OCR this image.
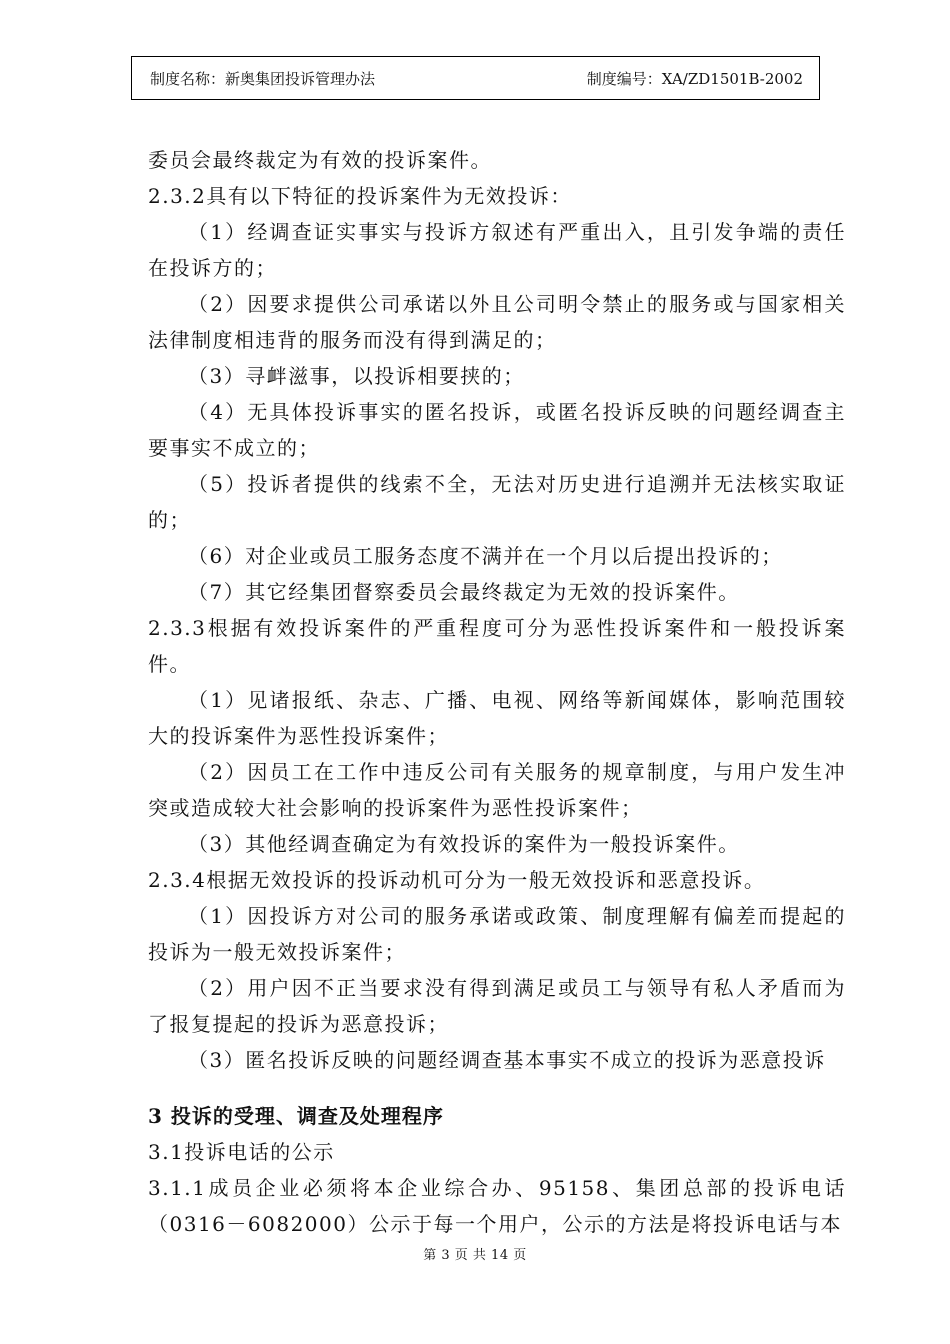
制度名称：新奥集团投诉管理办法	制度编号：XA/ZD1501B-2002

委员会最终裁定为有效的投诉案件。

2.3.2具有以下特征的投诉案件为无效投诉：

（1）经调查证实事实与投诉方叙述有严重出入，且引发争端的责任在投诉方的；

（2）因要求提供公司承诺以外且公司明令禁止的服务或与国家相关法律制度相违背的服务而没有得到满足的；

（3）寻衅滋事，以投诉相要挟的；

（4）无具体投诉事实的匿名投诉，或匿名投诉反映的问题经调查主要事实不成立的；

（5）投诉者提供的线索不全，无法对历史进行追溯并无法核实取证的；

（6）对企业或员工服务态度不满并在一个月以后提出投诉的；

（7）其它经集团督察委员会最终裁定为无效的投诉案件。

2.3.3根据有效投诉案件的严重程度可分为恶性投诉案件和一般投诉案件。

（1）见诸报纸、杂志、广播、电视、网络等新闻媒体，影响范围较大的投诉案件为恶性投诉案件；

（2）因员工在工作中违反公司有关服务的规章制度，与用户发生冲突或造成较大社会影响的投诉案件为恶性投诉案件；

（3）其他经调查确定为有效投诉的案件为一般投诉案件。

2.3.4根据无效投诉的投诉动机可分为一般无效投诉和恶意投诉。

（1）因投诉方对公司的服务承诺或政策、制度理解有偏差而提起的投诉为一般无效投诉案件；

（2）用户因不正当要求没有得到满足或员工与领导有私人矛盾而为了报复提起的投诉为恶意投诉；

（3）匿名投诉反映的问题经调查基本事实不成立的投诉为恶意投诉

3 投诉的受理、调查及处理程序

3.1投诉电话的公示

3.1.1成员企业必须将本企业综合办、95158、集团总部的投诉电话（0316－6082000）公示于每一个用户，公示的方法是将投诉电话与本

第 3 页 共 14 页
